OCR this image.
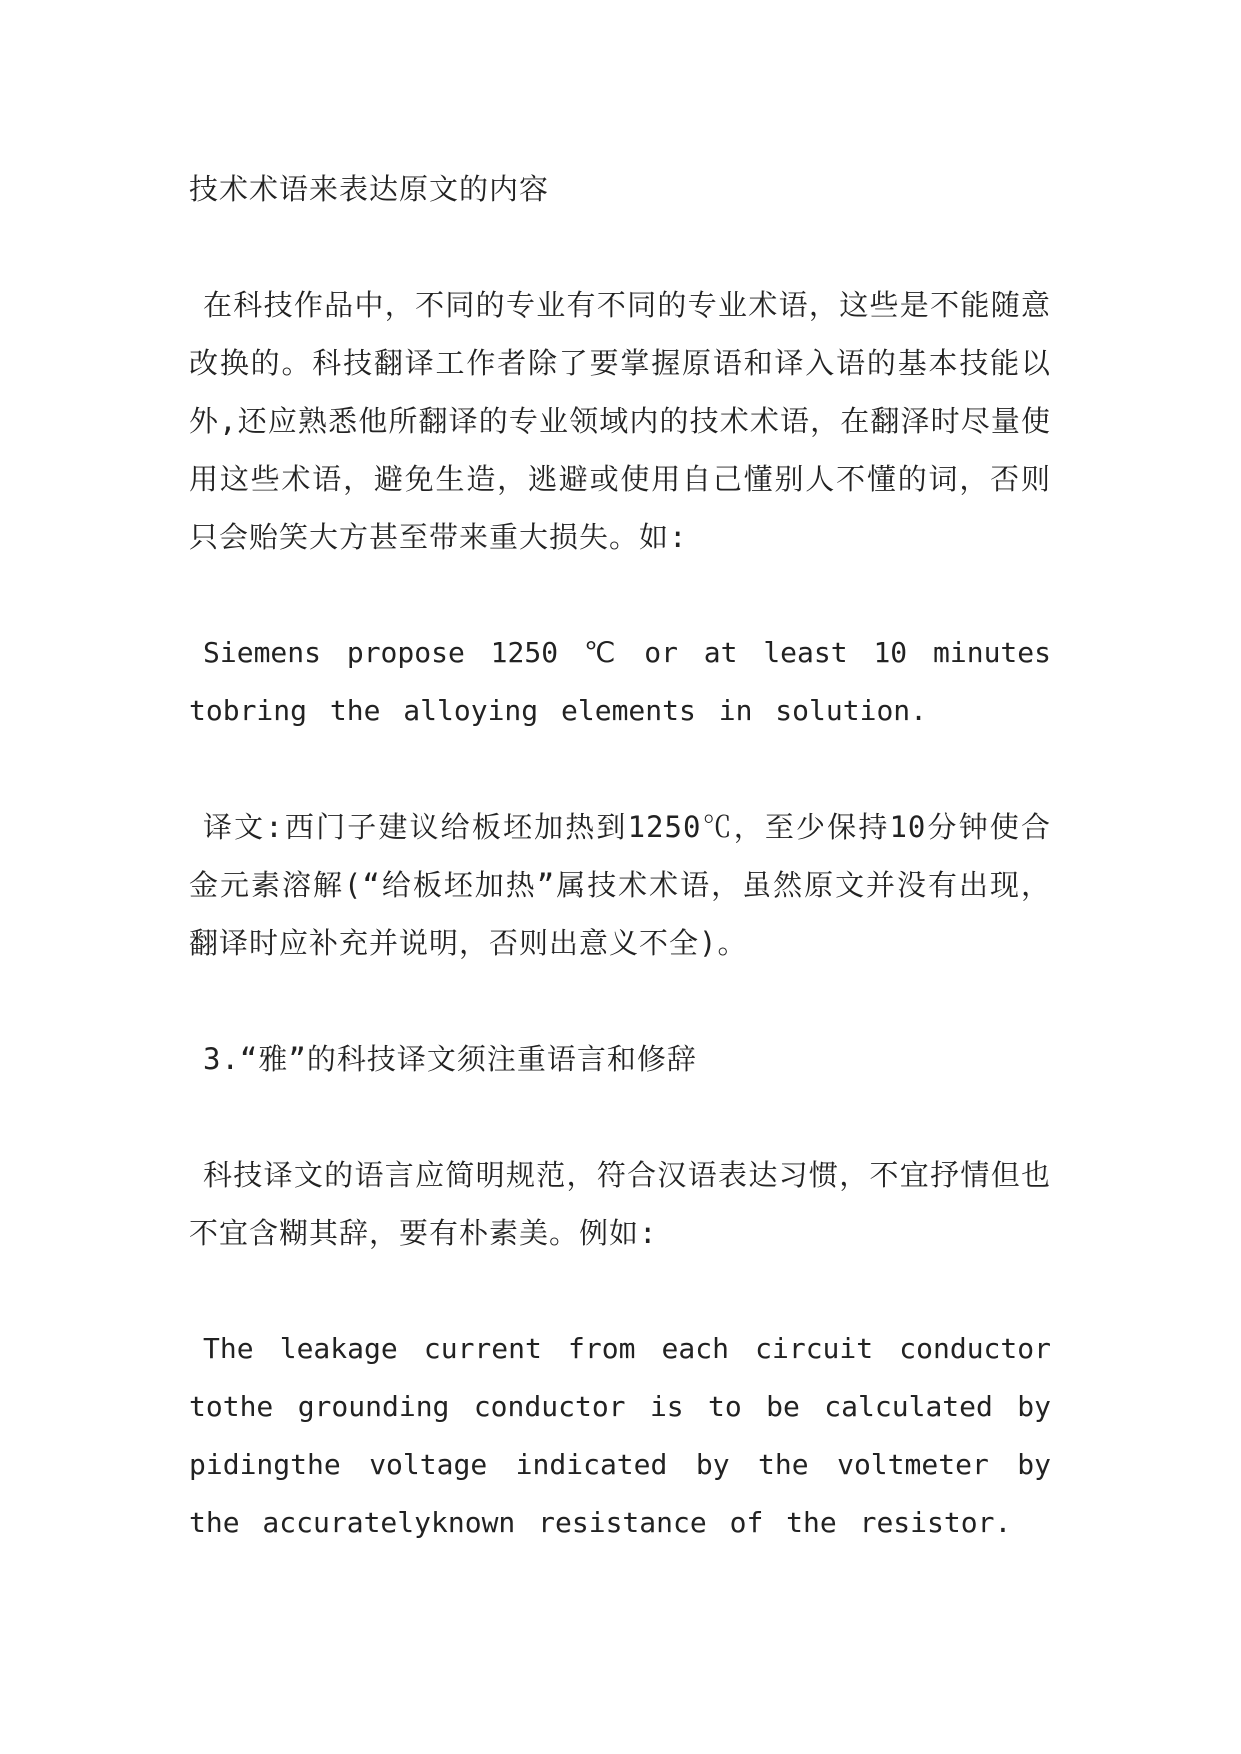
技术术语来表达原文的内容

在科技作品中，不同的专业有不同的专业术语，这些是不能随意改换的。科技翻译工作者除了要掌握原语和译入语的基本技能以外,还应熟悉他所翻译的专业领域内的技术术语，在翻泽时尽量使用这些术语，避免生造，逃避或使用自己懂别人不懂的词，否则只会贻笑大方甚至带来重大损失。如:

Siemens propose 1250 ℃ or at least 10 minutes tobring the alloying elements in solution.

译文:西门子建议给板坯加热到1250℃，至少保持10分钟使合金元素溶解(“给板坯加热”属技术术语，虽然原文并没有出现，翻译时应补充并说明，否则出意义不全)。

3.“雅”的科技译文须注重语言和修辞

科技译文的语言应简明规范，符合汉语表达习惯，不宜抒情但也不宜含糊其辞，要有朴素美。例如:

The leakage current from each circuit conductor tothe grounding conductor is to be calculated by pidingthe voltage indicated by the voltmeter by the accuratelyknown resistance of the resistor.
